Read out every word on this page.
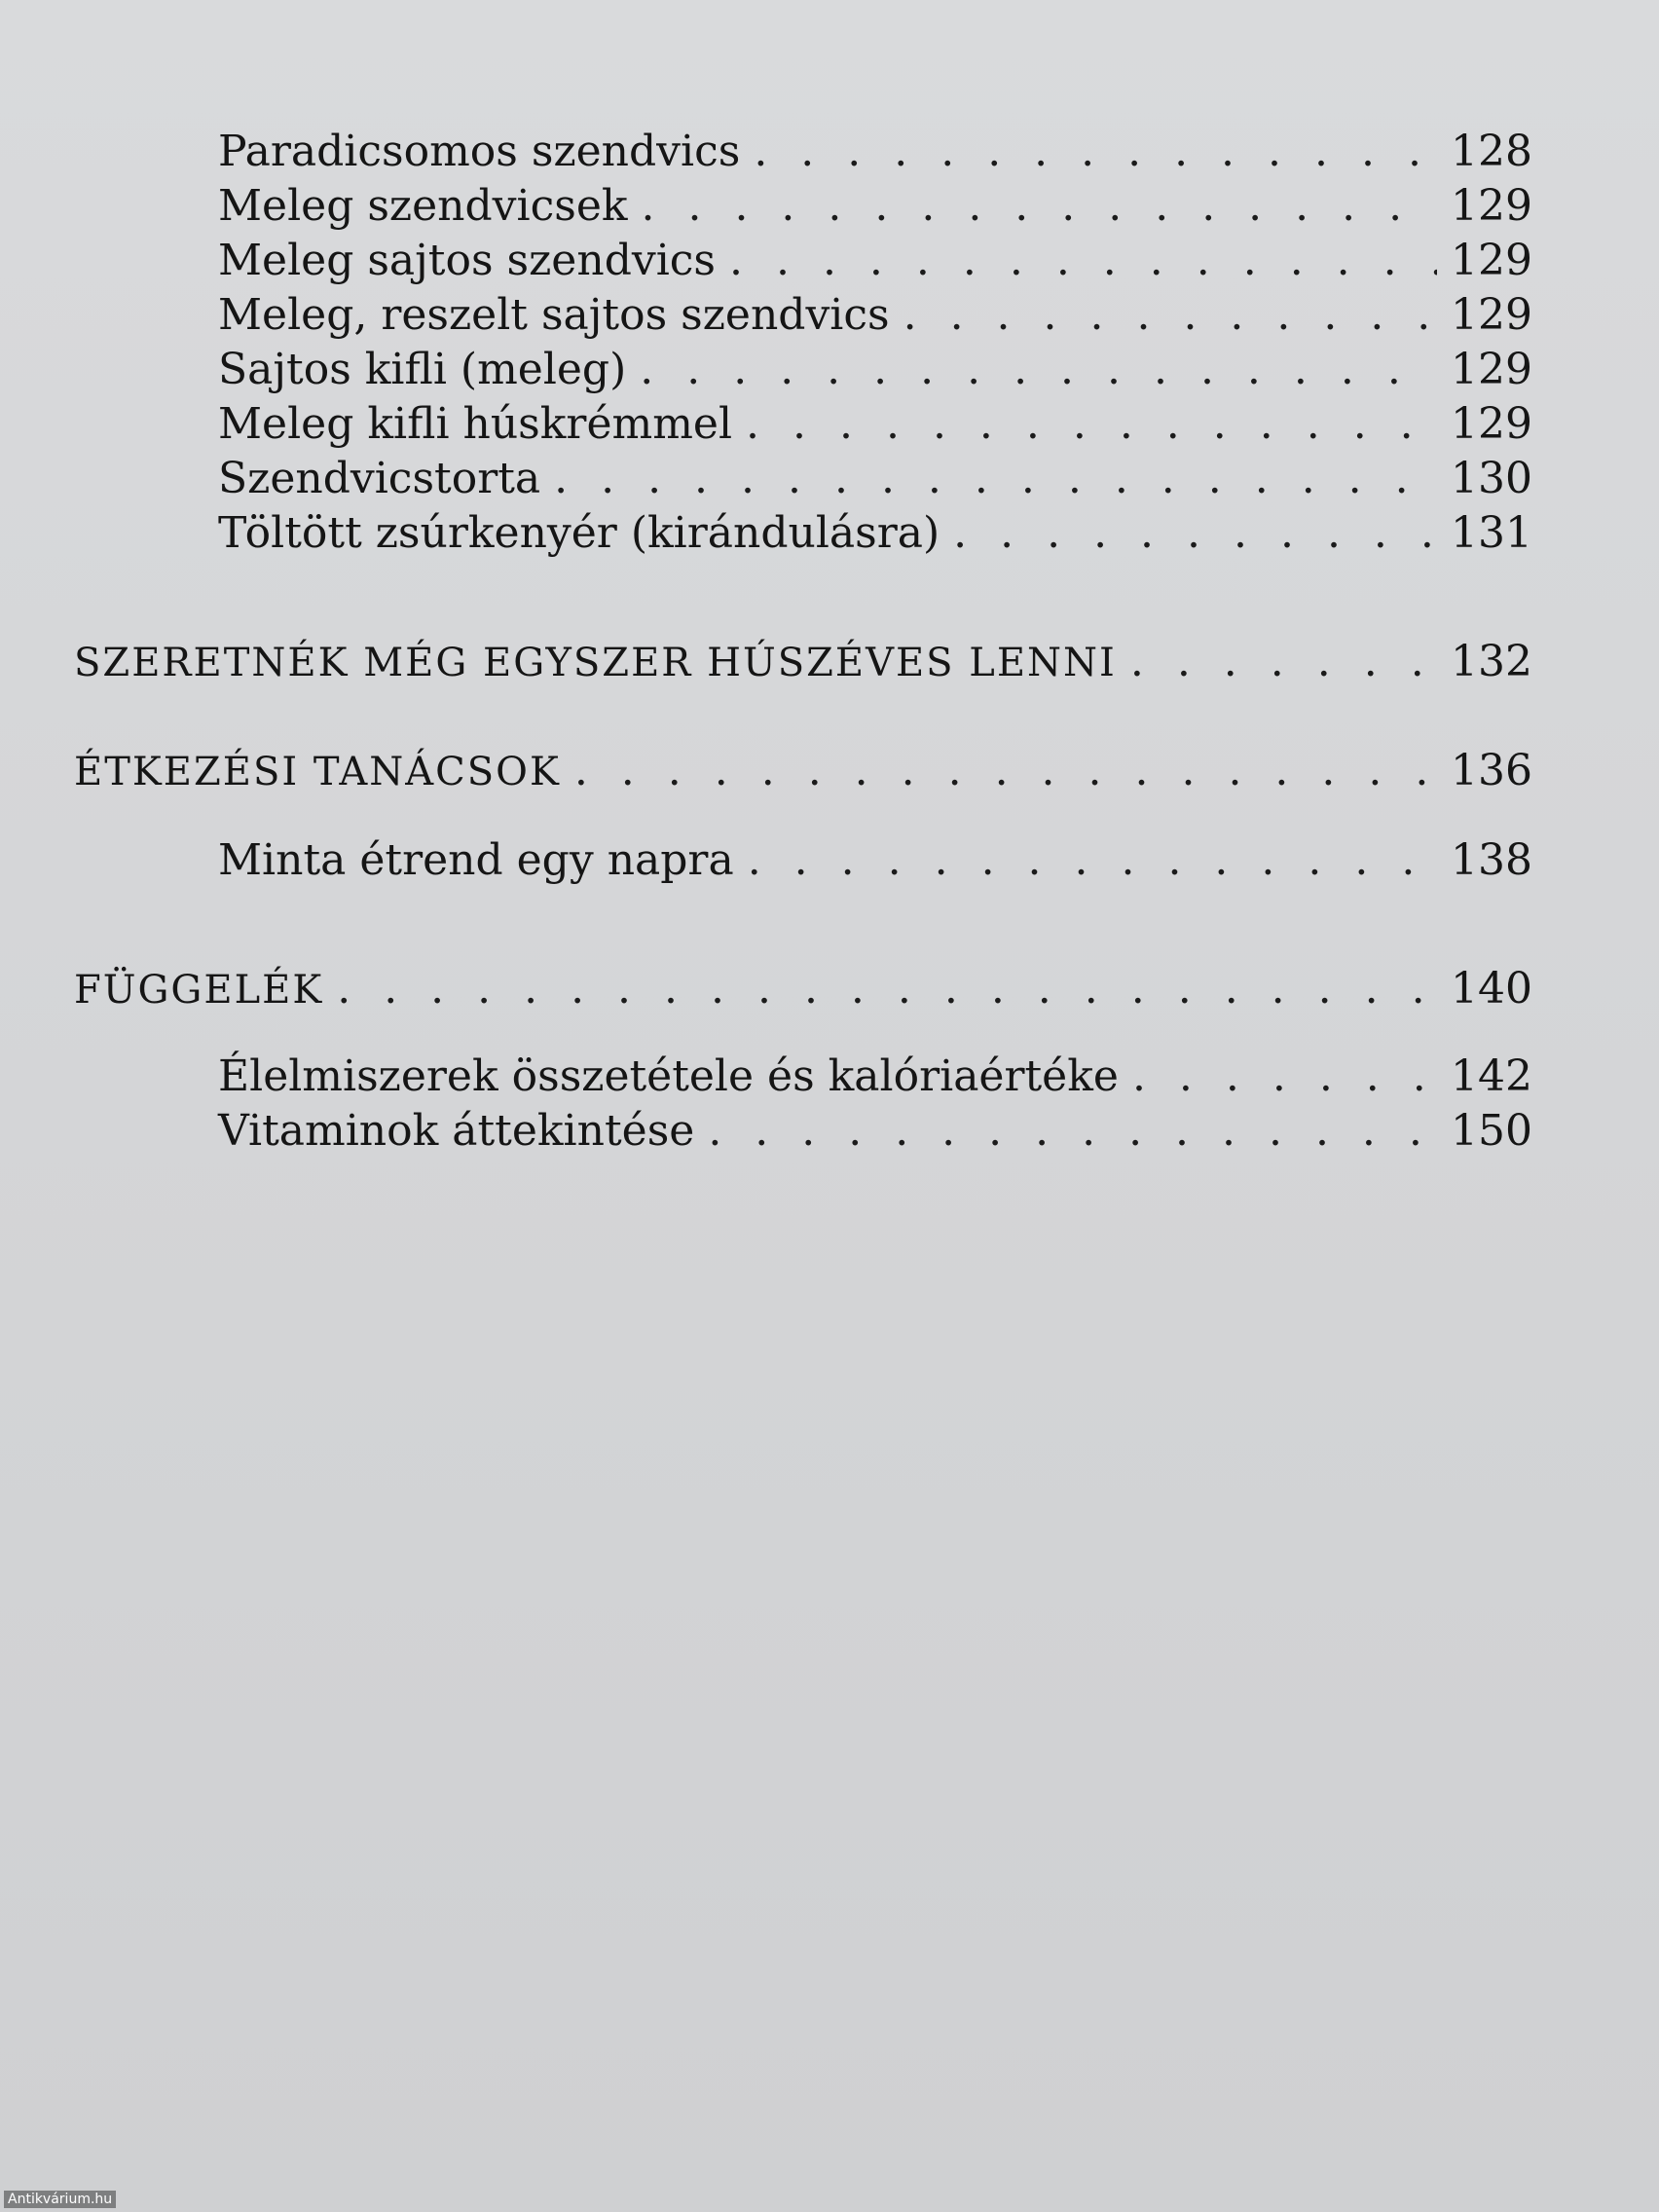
Paradicsomos szendvics . . .	128
Meleg szendvicsek . . .	129
Meleg sajtos szendvics . . .	129
Meleg, reszelt sajtos szendvics . . .	129
Sajtos kifli (meleg) . . .	129
Meleg kifli húskrémmel . . .	129
Szendvicstorta . . .	130
Töltött zsúrkenyér (kirándulásra) . . .	131
SZERETNÉK MÉG EGYSZER HÚSZÉVES LENNI . . .	132
ÉTKEZÉSI TANÁCSOK . . .	136
Minta étrend egy napra . . .	138
FÜGGELÉK . . .	140
Élelmiszerek összetétele és kalóriaértéke . . .	142
Vitaminok áttekintése . . .	150
Antikvárium.hu
